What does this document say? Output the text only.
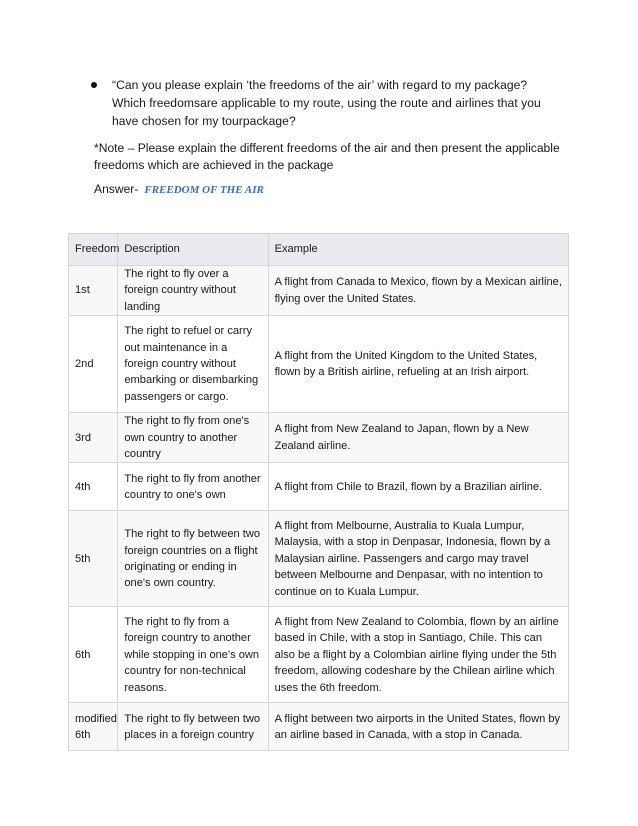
“Can you please explain ‘the freedoms of the air’ with regard to my package? Which freedomsare applicable to my route, using the route and airlines that you have chosen for my tourpackage?
*Note – Please explain the different freedoms of the air and then present the applicable freedoms which are achieved in the package
Answer- FREEDOM OF THE AIR
Freedom	Description	Example
1st	The right to fly over a foreign country without landing	A flight from Canada to Mexico, flown by a Mexican airline, flying over the United States.
2nd	The right to refuel or carry out maintenance in a foreign country without embarking or disembarking passengers or cargo.	A flight from the United Kingdom to the United States, flown by a British airline, refueling at an Irish airport.
3rd	The right to fly from one's own country to another country	A flight from New Zealand to Japan, flown by a New Zealand airline.
4th	The right to fly from another country to one's own	A flight from Chile to Brazil, flown by a Brazilian airline.
5th	The right to fly between two foreign countries on a flight originating or ending in one's own country.	A flight from Melbourne, Australia to Kuala Lumpur, Malaysia, with a stop in Denpasar, Indonesia, flown by a Malaysian airline. Passengers and cargo may travel between Melbourne and Denpasar, with no intention to continue on to Kuala Lumpur.
6th	The right to fly from a foreign country to another while stopping in one's own country for non-technical reasons.	A flight from New Zealand to Colombia, flown by an airline based in Chile, with a stop in Santiago, Chile. This can also be a flight by a Colombian airline flying under the 5th freedom, allowing codeshare by the Chilean airline which uses the 6th freedom.
modified 6th	The right to fly between two places in a foreign country	A flight between two airports in the United States, flown by an airline based in Canada, with a stop in Canada.
